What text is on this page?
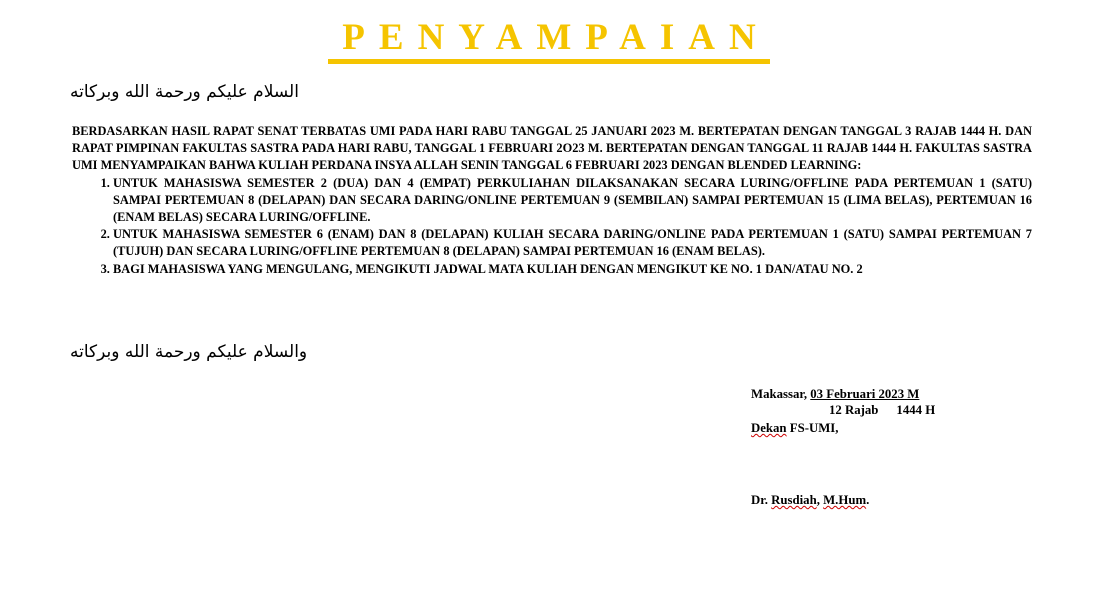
PENYAMPAIAN
السلام عليكم ورحمة الله وبركاته

BERDASARKAN HASIL RAPAT SENAT TERBATAS UMI PADA HARI RABU TANGGAL 25 JANUARI 2023 M. BERTEPATAN DENGAN TANGGAL 3 RAJAB 1444 H. DAN RAPAT PIMPINAN FAKULTAS SASTRA PADA HARI RABU, TANGGAL 1 FEBRUARI 2O23 M. BERTEPATAN DENGAN TANGGAL 11 RAJAB 1444 H. FAKULTAS SASTRA UMI MENYAMPAIKAN BAHWA KULIAH PERDANA INSYA ALLAH SENIN TANGGAL 6 FEBRUARI 2023 DENGAN BLENDED LEARNING:

1. UNTUK MAHASISWA SEMESTER 2 (DUA) DAN 4 (EMPAT) PERKULIAHAN DILAKSANAKAN SECARA LURING/OFFLINE PADA PERTEMUAN 1 (SATU) SAMPAI PERTEMUAN 8 (DELAPAN) DAN SECARA DARING/ONLINE PERTEMUAN 9 (SEMBILAN) SAMPAI PERTEMUAN 15 (LIMA BELAS), PERTEMUAN 16 (ENAM BELAS) SECARA LURING/OFFLINE.
2. UNTUK MAHASISWA SEMESTER 6 (ENAM) DAN 8 (DELAPAN) KULIAH SECARA DARING/ONLINE PADA PERTEMUAN 1 (SATU) SAMPAI PERTEMUAN 7 (TUJUH) DAN SECARA LURING/OFFLINE PERTEMUAN 8 (DELAPAN) SAMPAI PERTEMUAN 16 (ENAM BELAS).
3. BAGI MAHASISWA YANG MENGULANG, MENGIKUTI JADWAL MATA KULIAH DENGAN MENGIKUT KE NO. 1 DAN/ATAU NO. 2
والسلام عليكم ورحمة الله وبركاته
Makassar, 03 Februari 2023 M
12 Rajab 1444 H
Dekan FS-UMI,
Dr. Rusdiah, M.Hum.
